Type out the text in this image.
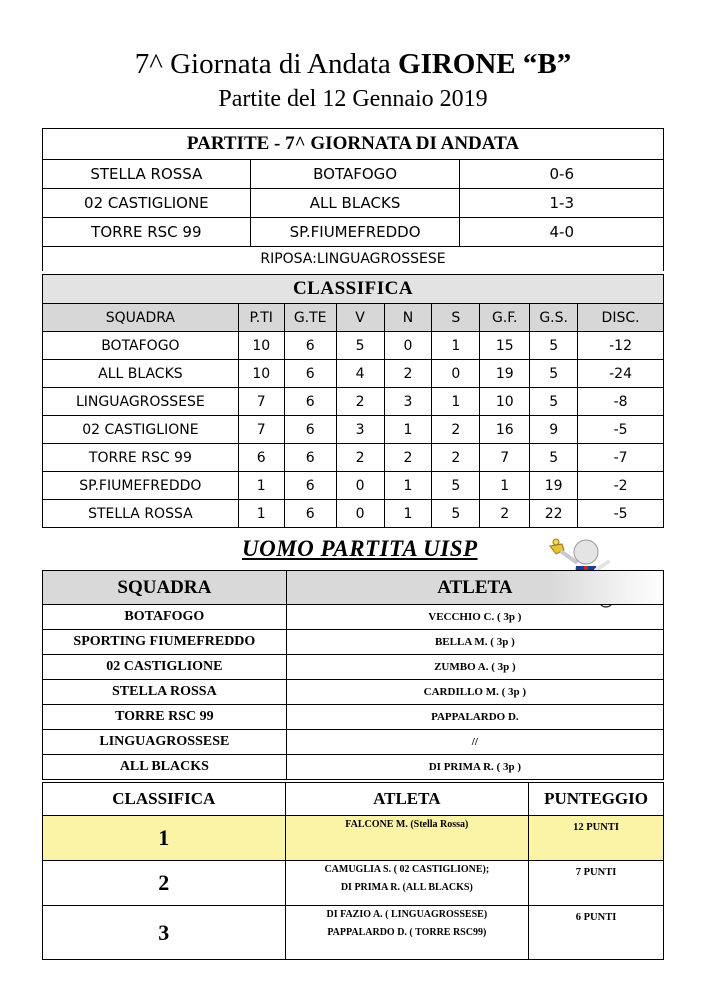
7^ Giornata di Andata GIRONE “B”
Partite del 12 Gennaio 2019
PARTITE - 7^ GIORNATA DI ANDATA		
STELLA ROSSA	BOTAFOGO	0-6
02 CASTIGLIONE	ALL BLACKS	1-3
TORRE RSC 99	SP.FIUMEFREDDO	4-0
RIPOSA:LINGUAGROSSESE		
CLASSIFICA								
SQUADRA	P.TI	G.TE	V	N	S	G.F.	G.S.	DISC.
BOTAFOGO	10	6	5	0	1	15	5	-12
ALL BLACKS	10	6	4	2	0	19	5	-24
LINGUAGROSSESE	7	6	2	3	1	10	5	-8
02 CASTIGLIONE	7	6	3	1	2	16	9	-5
TORRE RSC 99	6	6	2	2	2	7	5	-7
SP.FIUMEFREDDO	1	6	0	1	5	1	19	-2
STELLA ROSSA	1	6	0	1	5	2	22	-5
UOMO PARTITA UISP
SQUADRA	ATLETA
BOTAFOGO	VECCHIO C. ( 3p )
SPORTING FIUMEFREDDO	BELLA M. ( 3p )
02 CASTIGLIONE	ZUMBO A. ( 3p )
STELLA ROSSA	CARDILLO M. ( 3p )
TORRE RSC 99	PAPPALARDO D.
LINGUAGROSSESE	//
ALL BLACKS	DI PRIMA R. ( 3p )
CLASSIFICA	ATLETA	PUNTEGGIO
1	FALCONE M. (Stella Rossa)	12 PUNTI
2	CAMUGLIA S. ( 02 CASTIGLIONE);
DI PRIMA R. (ALL BLACKS)	7 PUNTI
3	DI FAZIO A. ( LINGUAGROSSESE)
PAPPALARDO D. ( TORRE RSC99)	6 PUNTI
